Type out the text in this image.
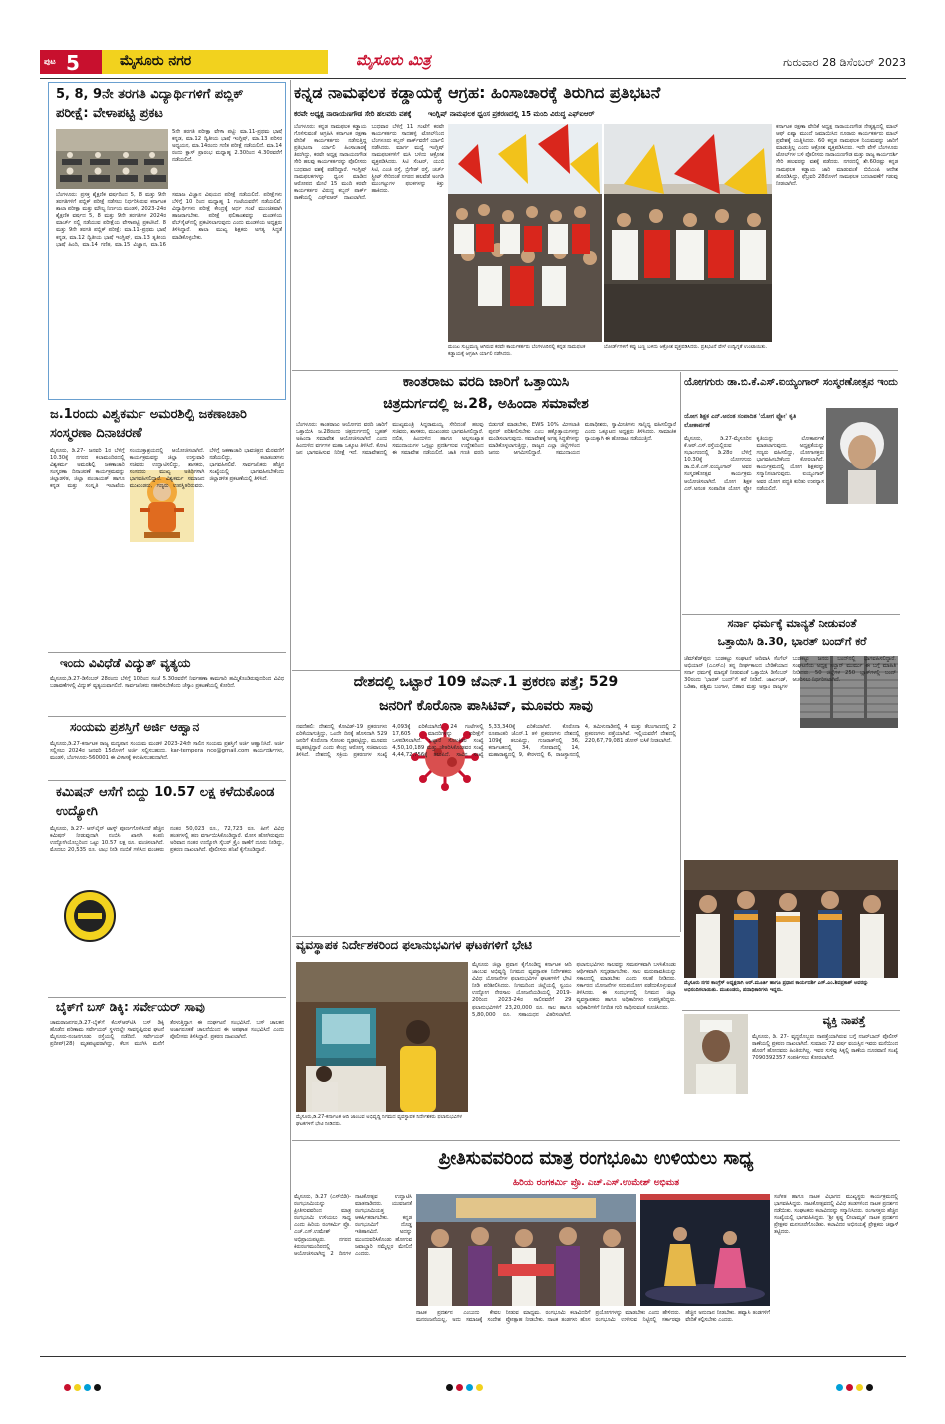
ಪುಟ 5	ಮೈಸೂರು ನಗರ	ಮೈಸೂರು ಮಿತ್ರ	ಗುರುವಾರ 28 ಡಿಸೆಂಬರ್ 2023
5, 8, 9ನೇ ತರಗತಿ ವಿದ್ಯಾರ್ಥಿಗಳಿಗೆ ಪಬ್ಲಿಕ್ ಪರೀಕ್ಷೆ: ವೇಳಾಪಟ್ಟಿ ಪ್ರಕಟ
5ನೇ ತರಗತಿ ಪರೀಕ್ಷಾ ವೇಳಾ ಪಟ್ಟಿ: ಮಾ.11-ಪ್ರಥಮ ಭಾಷೆ ಕನ್ನಡ, ಮಾ.12 ದ್ವಿತೀಯ ಭಾಷೆ ಇಂಗ್ಲಿಷ್, ಮಾ.13 ಪರಿಸರ ಅಧ್ಯಯನ, ಮಾ.14ರಂದು ಗಣಿತ ಪರೀಕ್ಷೆ ನಡೆಯಲಿದೆ. ಮಾ.14 ರಂದು ಕ್ಲಾಸ್ ಪ್ರಾರಂಭ ಮಧ್ಯಾಹ್ನ 2.30ರಿಂದ 4.30ರವರೆಗೆ ನಡೆಯಲಿದೆ.
ಬೆಂಗಳೂರು: ಪ್ರಸಕ್ತ ಶೈಕ್ಷಣಿಕ ವರ್ಷದಿಂದ 5, 8 ಮತ್ತು 9ನೇ ತರಗತಿಗಳಿಗೆ ಪಬ್ಲಿಕ್ ಪರೀಕ್ಷೆ ನಡೆಸಲು ನಿರ್ಧರಿಸಿರುವ ಕರ್ನಾಟಕ ಶಾಲಾ ಪರೀಕ್ಷಾ ಮತ್ತು ಮೌಲ್ಯ ನಿರ್ಣಯ ಮಂಡಳಿ, 2023-24ರ ಶೈಕ್ಷಣಿಕ ವರ್ಷದ 5, 8 ಮತ್ತು 9ನೇ ತರಗತಿಗಳ 2024ರ ಮಾರ್ಚ್ ನಲ್ಲಿ ನಡೆಯುವ ಪರೀಕ್ಷೆಯ ವೇಳಾಪಟ್ಟಿ ಪ್ರಕಟಿಸಿದೆ. 8 ಮತ್ತು 9ನೇ ತರಗತಿ ಪಬ್ಲಿಕ್ ಪರೀಕ್ಷೆ: ಮಾ.11-ಪ್ರಥಮ ಭಾಷೆ ಕನ್ನಡ, ಮಾ.12 ದ್ವಿತೀಯ ಭಾಷೆ ಇಂಗ್ಲಿಷ್, ಮಾ.13 ತೃತೀಯ ಭಾಷೆ ಹಿಂದಿ, ಮಾ.14 ಗಣಿತ, ಮಾ.15 ವಿಜ್ಞಾನ, ಮಾ.16 ಸಮಾಜ ವಿಜ್ಞಾನ ವಿಷಯದ ಪರೀಕ್ಷೆ ನಡೆಯಲಿದೆ. ಪರೀಕ್ಷೆಗಳು ಬೆಳಿಗ್ಗೆ 10 ರಿಂದ ಮಧ್ಯಾಹ್ನ 1 ಗಂಟೆಯವರೆಗೆ ನಡೆಯಲಿವೆ. ವಿದ್ಯಾರ್ಥಿಗಳು ಪರೀಕ್ಷೆ ಕೇಂದ್ರಕ್ಕೆ ಅರ್ಧ ಗಂಟೆ ಮುಂಚಿತವಾಗಿ ಹಾಜರಾಗಬೇಕು. ಪರೀಕ್ಷೆ ಫಲಿತಾಂಶವನ್ನು ಮಂಡಳಿಯ ವೆಬ್‌ಸೈಟ್‌ನಲ್ಲಿ ಪ್ರಕಟಿಸಲಾಗುವುದು ಎಂದು ಮಂಡಳಿಯ ಅಧ್ಯಕ್ಷರು ತಿಳಿಸಿದ್ದಾರೆ. ಶಾಲಾ ಮುಖ್ಯ ಶಿಕ್ಷಕರು ಅಗತ್ಯ ಸಿದ್ಧತೆ ಮಾಡಿಕೊಳ್ಳಬೇಕು.
ಜ.1ರಂದು ವಿಶ್ವಕರ್ಮ ಅಮರಶಿಲ್ಪಿ ಜಕಣಾಚಾರಿ ಸಂಸ್ಮರಣಾ ದಿನಾಚರಣೆ
ಮೈಸೂರು, ಡಿ.27- ಜನವರಿ 1ರ ಬೆಳಿಗ್ಗೆ 10.30ಕ್ಕೆ ನಗರದ ಕಲಾಮಂದಿರದಲ್ಲಿ ವಿಶ್ವಕರ್ಮ ಅಮರಶಿಲ್ಪಿ ಜಕಣಾಚಾರಿ ಸಂಸ್ಮರಣಾ ದಿನಾಚರಣೆ ಕಾರ್ಯಕ್ರಮವನ್ನು ಜಿಲ್ಲಾಡಳಿತ, ಜಿಲ್ಲಾ ಪಂಚಾಯತ್ ಹಾಗೂ ಕನ್ನಡ ಮತ್ತು ಸಂಸ್ಕೃತಿ ಇಲಾಖೆಯ ಸಂಯುಕ್ತಾಶ್ರಯದಲ್ಲಿ ಆಯೋಜಿಸಲಾಗಿದೆ. ಕಾರ್ಯಕ್ರಮವನ್ನು ಜಿಲ್ಲಾ ಉಸ್ತುವಾರಿ ಸಚಿವರು ಉದ್ಘಾಟಿಸಲಿದ್ದು, ಶಾಸಕರು, ಸಂಸದರು ಮುಖ್ಯ ಅತಿಥಿಗಳಾಗಿ ಭಾಗವಹಿಸಲಿದ್ದಾರೆ. ವಿಶ್ವಕರ್ಮ ಸಮಾಜದ ಮುಖಂಡರು, ಗಣ್ಯರು ಉಪಸ್ಥಿತರಿರುವರು. ಬೆಳಿಗ್ಗೆ ಜಕಣಾಚಾರಿ ಭಾವಚಿತ್ರದ ಮೆರವಣಿಗೆ ನಡೆಯಲಿದ್ದು, ಕಲಾತಂಡಗಳು ಭಾಗವಹಿಸಲಿವೆ. ಸಾರ್ವಜನಿಕರು ಹೆಚ್ಚಿನ ಸಂಖ್ಯೆಯಲ್ಲಿ ಭಾಗವಹಿಸಬೇಕೆಂದು ಜಿಲ್ಲಾಡಳಿತ ಪ್ರಕಟಣೆಯಲ್ಲಿ ತಿಳಿಸಿದೆ.
ಇಂದು ವಿವಿಧೆಡೆ ವಿದ್ಯುತ್ ವ್ಯತ್ಯಯ
ಮೈಸೂರು,ಡಿ.27-ಡಿಸೆಂಬರ್ 28ರಂದು ಬೆಳಿಗ್ಗೆ 10ರಿಂದ ಸಂಜೆ 5.30ರವರೆಗೆ ನಿರ್ವಹಣಾ ಕಾಮಗಾರಿ ಹಮ್ಮಿಕೊಂಡಿರುವುದರಿಂದ ವಿವಿಧ ಬಡಾವಣೆಗಳಲ್ಲಿ ವಿದ್ಯುತ್ ವ್ಯತ್ಯಯವಾಗಲಿದೆ. ಸಾರ್ವಜನಿಕರು ಸಹಕರಿಸಬೇಕೆಂದು ಚೆಸ್ಕಾಂ ಪ್ರಕಟಣೆಯಲ್ಲಿ ಕೋರಿದೆ.
ಸಂಯಮ ಪ್ರಶಸ್ತಿಗೆ ಅರ್ಜಿ ಆಹ್ವಾನ
ಮೈಸೂರು,ಡಿ.27-ಕರ್ನಾಟಕ ರಾಜ್ಯ ಮದ್ಯಪಾನ ಸಂಯಮ ಮಂಡಳಿ 2023-24ನೇ ಸಾಲಿನ ಸಂಯಮ ಪ್ರಶಸ್ತಿಗೆ ಅರ್ಜಿ ಆಹ್ವಾನಿಸಿದೆ. ಅರ್ಜಿ ಸಲ್ಲಿಸಲು 2024ರ ಜನವರಿ 15ರೊಳಗೆ ಅರ್ಜಿ ಸಲ್ಲಿಸಬಹುದು. kar-tempera nce@gmail.com ಕಾರ್ಯದರ್ಶಿಗಳು, ಮಂಡಳಿ, ಬೆಂಗಳೂರು-560001 ಈ ವಿಳಾಸಕ್ಕೆ ಕಳುಹಿಸಬಹುದಾಗಿದೆ.
ಕಮಿಷನ್ ಆಸೆಗೆ ಬಿದ್ದು 10.57 ಲಕ್ಷ ಕಳೆದುಕೊಂಡ ಉದ್ಯೋಗಿ
ಮೈಸೂರು, ಡಿ.27- ಆನ್‌ಲೈನ್ ಟಾಸ್ಕ್ ಪೂರ್ಣಗೊಳಿಸಿದರೆ ಹೆಚ್ಚಿನ ಕಮಿಷನ್ ನೀಡುವುದಾಗಿ ನಂಬಿಸಿ ಖಾಸಗಿ ಕಂಪನಿ ಉದ್ಯೋಗಿಯೊಬ್ಬರಿಂದ ಒಟ್ಟು 10.57 ಲಕ್ಷ ರೂ. ವಂಚಿಸಲಾಗಿದೆ. ಮೊದಲು 20,535 ರೂ. ಲಾಭ ನೀಡಿ ನಂಬಿಕೆ ಗಳಿಸಿದ ವಂಚಕರು ನಂತರ 50,023 ರೂ., 72,723 ರೂ. ಹೀಗೆ ವಿವಿಧ ಹಂತಗಳಲ್ಲಿ ಹಣ ವರ್ಗಾಯಿಸಿಕೊಂಡಿದ್ದಾರೆ. ಮೋಸ ಹೋಗಿರುವುದು ಅರಿವಾದ ನಂತರ ಉದ್ಯೋಗಿ ಸೈಬರ್ ಕ್ರೈಂ ಠಾಣೆಗೆ ದೂರು ನೀಡಿದ್ದು, ಪ್ರಕರಣ ದಾಖಲಾಗಿದೆ. ಪೊಲೀಸರು ತನಿಖೆ ಕೈಗೊಂಡಿದ್ದಾರೆ.
ಬೈಕ್‌ಗೆ ಬಸ್ ಡಿಕ್ಕಿ: ಸರ್ವೇಯರ್ ಸಾವು
ಚಾಮರಾಜನಗರ,ಡಿ.27-ಬೈಕ್‌ಗೆ ಕೆಎಸ್‌ಆರ್‌ಟಿಸಿ ಬಸ್ ಡಿಕ್ಕಿ ಹೊಡೆದ ಪರಿಣಾಮ ಸರ್ವೇಯರ್ ಸ್ಥಳದಲ್ಲೇ ಸಾವನ್ನಪ್ಪಿರುವ ಘಟನೆ ಮೈಸೂರು-ನಂಜನಗೂಡು ರಸ್ತೆಯಲ್ಲಿ ನಡೆದಿದೆ. ಸರ್ವೇಯರ್ ಪ್ರದೀಪ್(28) ಮೃತಪಟ್ಟವರಾಗಿದ್ದು, ಕೆಲಸ ಮುಗಿಸಿ ಮನೆಗೆ ತೆರಳುತ್ತಿದ್ದಾಗ ಈ ದುರ್ಘಟನೆ ಸಂಭವಿಸಿದೆ. ಬಸ್ ಚಾಲಕನ ಅಜಾಗರೂಕತೆ ಚಾಲನೆಯಿಂದ ಈ ಅಪಘಾತ ಸಂಭವಿಸಿದೆ ಎಂದು ಪೊಲೀಸರು ತಿಳಿಸಿದ್ದಾರೆ. ಪ್ರಕರಣ ದಾಖಲಾಗಿದೆ.
ಕನ್ನಡ ನಾಮಫಲಕ ಕಡ್ಡಾಯಕ್ಕೆ ಆಗ್ರಹ: ಹಿಂಸಾಚಾರಕ್ಕೆ ತಿರುಗಿದ ಪ್ರತಿಭಟನೆ
ಕರವೇ ಅಧ್ಯಕ್ಷ ನಾರಾಯಣಗೌಡ ಸೇರಿ ಹಲವರು ವಶಕ್ಕೆ ಇಂಗ್ಲಿಷ್ ನಾಮಫಲಕ ಧ್ವಂಸ ಪ್ರಕರಣದಲ್ಲಿ 15 ಮಂದಿ ವಿರುದ್ಧ ಎಫ್‌ಐಆರ್
ಬೆಂಗಳೂರು: ಕನ್ನಡ ನಾಮಫಲಕ ಕಡ್ಡಾಯ ಗೊಳಿಸುವಂತೆ ಆಗ್ರಹಿಸಿ ಕರ್ನಾಟಕ ರಕ್ಷಣಾ ವೇದಿಕೆ ಕಾರ್ಯಕರ್ತರು ನಡೆಸುತ್ತಿದ್ದ ಪ್ರತಿಭಟನಾ ರ್ಯಾಲಿ ಹಿಂಸಾಚಾರಕ್ಕೆ ತಿರುಗಿದ್ದು, ಕರವೇ ಅಧ್ಯಕ್ಷ ನಾರಾಯಣಗೌಡ ಸೇರಿ ಹಲವು ಕಾರ್ಯಕರ್ತರನ್ನು ಪೊಲೀಸರು ಬುಧವಾರ ವಶಕ್ಕೆ ಪಡೆದಿದ್ದಾರೆ. ಇಂಗ್ಲಿಷ್ ನಾಮಫಲಕಗಳನ್ನು ಧ್ವಂಸ ಮಾಡಿದ ಆರೋಪದ ಮೇಲೆ 15 ಮಂದಿ ಕರವೇ ಕಾರ್ಯಕರ್ತರ ವಿರುದ್ಧ ಕಬ್ಬನ್ ಪಾರ್ಕ್ ಠಾಣೆಯಲ್ಲಿ ಎಫ್‌ಐಆರ್ ದಾಖಲಾಗಿದೆ. ಬುಧವಾರ ಬೆಳಿಗ್ಗೆ 11 ಗಂಟೆಗೆ ಕರವೇ ಕಾರ್ಯಕರ್ತರು ಸಾದಹಳ್ಳಿ ಟೋಲ್‌ನಿಂದ ಬೆಂಗಳೂರು ಕಬ್ಬನ್ ಪಾರ್ಕ್‌ವರೆಗೆ ರ್ಯಾಲಿ ನಡೆಸಿದರು. ಮಾರ್ಗ ಮಧ್ಯೆ ಇಂಗ್ಲಿಷ್ ನಾಮಫಲಕಗಳಿಗೆ ಮಸಿ ಬಳಿದು ಆಕ್ರೋಶ ವ್ಯಕ್ತಪಡಿಸಿದರು. ಸಿಟಿ ಸೆಂಟರ್, ಯುಬಿ ಸಿಟಿ, ಎಂಜಿ ರಸ್ತೆ, ಬ್ರಿಗೇಡ್ ರಸ್ತೆ, ಚರ್ಚ್ ಸ್ಟ್ರೀಟ್ ಸೇರಿದಂತೆ ನಗರದ ಹಲವೆಡೆ ಅಂಗಡಿ ಮುಂಗಟ್ಟುಗಳ ಫಲಕಗಳನ್ನು ಕಿತ್ತು ಹಾಕಿದರು.
ಮಂಜು ಸುಬ್ರಮಣ್ಯ ಆಗಿರುವ ಕರವೇ ಕಾರ್ಯಕರ್ತರು ಬೆಂಗಳೂರಿನಲ್ಲಿ ಕನ್ನಡ ನಾಮಫಲಕ ಕಡ್ಡಾಯಕ್ಕೆ ಆಗ್ರಹಿಸಿ ರ್ಯಾಲಿ ನಡೆಸಿದರು.
ಬೋರ್ಡ್‌ಗಳಿಗೆ ಕಪ್ಪು ಬಣ್ಣ ಬಳಿದು ಆಕ್ರೋಶ ವ್ಯಕ್ತಪಡಿಸಿದರು. ಪ್ರತಿಭಟನೆ ವೇಳೆ ಉದ್ವಿಗ್ನತೆ ಉಂಟಾಯಿತು.
ಕರ್ನಾಟಕ ರಕ್ಷಣಾ ವೇದಿಕೆ ಅಧ್ಯಕ್ಷ ನಾರಾಯಣಗೌಡ ನೇತೃತ್ವದಲ್ಲಿ ಮಾಲ್ ಆಫ್ ಏಷ್ಯಾ ಮುಂದೆ ಜಮಾಯಿಸಿದ ನೂರಾರು ಕಾರ್ಯಕರ್ತರು ಮಾಲ್ ಪ್ರವೇಶಕ್ಕೆ ಯತ್ನಿಸಿದರು. 60 ಕನ್ನಡ ನಾಮಫಲಕ ನಿಯಮವನ್ನು ಜಾರಿಗೆ ಮಾಡುತ್ತಿಲ್ಲ ಎಂದು ಆಕ್ರೋಶ ವ್ಯಕ್ತಪಡಿಸಿದರು. ಇದೇ ವೇಳೆ ಬೆಂಗಳೂರು ಟೋಲ್‌ಗಳ ಬಳಿ ಪೊಲೀಸರು ನಾರಾಯಣಗೌಡ ಮತ್ತು ರಾಜ್ಯ ಕಾರ್ಯದರ್ಶಿ ಸೇರಿ ಹಲವರನ್ನು ವಶಕ್ಕೆ ಪಡೆದರು. ನಗರದಲ್ಲಿ ಶೇ.60ರಷ್ಟು ಕನ್ನಡ ನಾಮಫಲಕ ಕಡ್ಡಾಯ ಜಾರಿ ಮಾಡುವಂತೆ ಬಿಬಿಎಂಪಿ ಆದೇಶ ಹೊರಡಿಸಿದ್ದು, ಫೆಬ್ರವರಿ 28ರೊಳಗೆ ನಾಮಫಲಕ ಬದಲಾವಣೆಗೆ ಗಡುವು ನೀಡಲಾಗಿದೆ.
ಕಾಂತರಾಜು ವರದಿ ಜಾರಿಗೆ ಒತ್ತಾಯಿಸಿ
ಚಿತ್ರದುರ್ಗದಲ್ಲಿ ಜ.28, ಅಹಿಂದಾ ಸಮಾವೇಶ
ಬೆಂಗಳೂರು: ಕಾಂತರಾಜು ಆಯೋಗದ ವರದಿ ಜಾರಿಗೆ ಒತ್ತಾಯಿಸಿ ಜ.28ರಂದು ಚಿತ್ರದುರ್ಗದಲ್ಲಿ ಬೃಹತ್ ಅಹಿಂದಾ ಸಮಾವೇಶ ಆಯೋಜಿಸಲಾಗಿದೆ ಎಂದು ಹಿಂದುಳಿದ ವರ್ಗಗಳ ಮಹಾ ಒಕ್ಕೂಟ ತಿಳಿಸಿದೆ. ಕೋಟಿ ಜನ ಭಾಗವಹಿಸುವ ನಿರೀಕ್ಷೆ ಇದೆ. ಸಮಾವೇಶದಲ್ಲಿ ಮುಖ್ಯಮಂತ್ರಿ ಸಿದ್ದರಾಮಯ್ಯ ಸೇರಿದಂತೆ ಹಲವು ಸಚಿವರು, ಶಾಸಕರು, ಮುಖಂಡರು ಭಾಗವಹಿಸಲಿದ್ದಾರೆ. ದಲಿತ, ಹಿಂದುಳಿದ ಹಾಗೂ ಅಲ್ಪಸಂಖ್ಯಾತ ಸಮುದಾಯಗಳ ಒಗ್ಗಟ್ಟು ಪ್ರದರ್ಶಿಸುವ ಉದ್ದೇಶದಿಂದ ಈ ಸಮಾವೇಶ ನಡೆಯಲಿದೆ. ಜಾತಿ ಗಣತಿ ವರದಿ ಬಿಡುಗಡೆ ಮಾಡಬೇಕು, EWS 10% ಮೀಸಲಾತಿ ಪುನರ್ ಪರಿಶೀಲಿಸಬೇಕು ಎಂಬ ಹಕ್ಕೊತ್ತಾಯಗಳನ್ನು ಮಂಡಿಸಲಾಗುವುದು. ಸಮಾವೇಶಕ್ಕೆ ಅಗತ್ಯ ಸಿದ್ಧತೆಗಳನ್ನು ಮಾಡಿಕೊಳ್ಳಲಾಗುತ್ತಿದ್ದು, ರಾಜ್ಯದ ಎಲ್ಲಾ ಜಿಲ್ಲೆಗಳಿಂದ ಜನರು ಆಗಮಿಸಲಿದ್ದಾರೆ. ಸಮುದಾಯದ ಮಠಾಧೀಶರು, ಸ್ವಾಮೀಜಿಗಳು ಸಾನ್ನಿಧ್ಯ ವಹಿಸಲಿದ್ದಾರೆ ಎಂದು ಒಕ್ಕೂಟದ ಅಧ್ಯಕ್ಷರು ತಿಳಿಸಿದರು. ಸಾಮಾಜಿಕ ನ್ಯಾಯಕ್ಕಾಗಿ ಈ ಹೋರಾಟ ನಡೆಯುತ್ತಿದೆ.
ದೇಶದಲ್ಲಿ ಒಟ್ಟಾರೆ 109 ಜೆಎನ್.1 ಪ್ರಕರಣ ಪತ್ತೆ; 529
ಜನರಿಗೆ ಕೊರೊನಾ ಪಾಸಿಟಿವ್, ಮೂವರು ಸಾವು
ನವದೆಹಲಿ: ದೇಶದಲ್ಲಿ ಕೋವಿಡ್-19 ಪ್ರಕರಣಗಳು ಏರಿಕೆಯಾಗುತ್ತಿದ್ದು, ಒಂದೇ ದಿನಕ್ಕೆ ಹೊಸದಾಗಿ 529 ಜನರಿಗೆ ಕೊರೊನಾ ಸೋಂಕು ದೃಢಪಟ್ಟಿದ್ದು, ಮೂವರು ಮೃತಪಟ್ಟಿದ್ದಾರೆ ಎಂದು ಕೇಂದ್ರ ಆರೋಗ್ಯ ಸಚಿವಾಲಯ ತಿಳಿಸಿದೆ. ದೇಶದಲ್ಲಿ ಸಕ್ರಿಯ ಪ್ರಕರಣಗಳ ಸಂಖ್ಯೆ 4,093ಕ್ಕೆ ಏರಿಕೆಯಾಗಿದೆ. 24 ಗಂಟೆಗಳಲ್ಲಿ 17,605 ಮಾದರಿಗಳನ್ನು ಪರೀಕ್ಷೆಗೆ ಒಳಪಡಿಸಲಾಗಿದೆ. ಒಟ್ಟಾರೆ ಸೋಂಕಿತರ ಸಂಖ್ಯೆ 4,50,10,189 ಮತ್ತು ಚೇತರಿಸಿಕೊಂಡವರ ಸಂಖ್ಯೆ 4,44,72,756ಕ್ಕೆ ತಲುಪಿದೆ. ಸಾವಿನ ಸಂಖ್ಯೆ 5,33,340ಕ್ಕೆ ಏರಿಕೆಯಾಗಿದೆ. ಕೊರೊನಾ ರೂಪಾಂತರಿ ಜೆಎನ್.1 ತಳಿ ಪ್ರಕರಣಗಳು ದೇಶದಲ್ಲಿ 109ಕ್ಕೆ ತಲುಪಿದ್ದು, ಗುಜರಾತ್‌ನಲ್ಲಿ 36, ಕರ್ನಾಟಕದಲ್ಲಿ 34, ಗೋವಾದಲ್ಲಿ 14, ಮಹಾರಾಷ್ಟ್ರದಲ್ಲಿ 9, ಕೇರಳದಲ್ಲಿ 6, ರಾಜಸ್ಥಾನದಲ್ಲಿ 4, ತಮಿಳುನಾಡಿನಲ್ಲಿ 4 ಮತ್ತು ತೆಲಂಗಾಣದಲ್ಲಿ 2 ಪ್ರಕರಣಗಳು ಪತ್ತೆಯಾಗಿವೆ. ಇಲ್ಲಿಯವರೆಗೆ ದೇಶದಲ್ಲಿ 220,67,79,081 ಡೋಸ್ ಲಸಿಕೆ ನೀಡಲಾಗಿದೆ.
ವ್ಯವಸ್ಥಾಪಕ ನಿರ್ದೇಶಕರಿಂದ ಫಲಾನುಭವಿಗಳ ಘಟಕಗಳಿಗೆ ಭೇಟಿ
ಮೈಸೂರು,ಡಿ.27-ಕರ್ನಾಟಕ ಆದಿ ಜಾಂಬವ ಅಭಿವೃದ್ಧಿ ನಿಗಮದ ವ್ಯವಸ್ಥಾಪಕ ನಿರ್ದೇಶಕರು ಫಲಾನುಭವಿಗಳ ಘಟಕಗಳಿಗೆ ಭೇಟಿ ನೀಡಿದರು.
ಮೈಸೂರು ಜಿಲ್ಲಾ ಪ್ರವಾಸ ಕೈಗೊಂಡಿದ್ದ ಕರ್ನಾಟಕ ಆದಿ ಜಾಂಬವ ಅಭಿವೃದ್ಧಿ ನಿಗಮದ ವ್ಯವಸ್ಥಾಪಕ ನಿರ್ದೇಶಕರು ವಿವಿಧ ಯೋಜನೆಗಳ ಫಲಾನುಭವಿಗಳ ಘಟಕಗಳಿಗೆ ಭೇಟಿ ನೀಡಿ ಪರಿಶೀಲಿಸಿದರು. ನಿಗಮದಿಂದ ಜಿಲ್ಲೆಯಲ್ಲಿ ಸ್ವಯಂ ಉದ್ಯೋಗ ನೇರಸಾಲ ಯೋಜನೆಯಡಿಯಲ್ಲಿ 2019-20ರಿಂದ 2023-24ರ ಸಾಲಿನವರೆಗೆ 29 ಫಲಾನುಭವಿಗಳಿಗೆ 23,20,000 ರೂ. ಸಾಲ ಹಾಗೂ 5,80,000 ರೂ. ಸಹಾಯಧನ ವಿತರಿಸಲಾಗಿದೆ. ಫಲಾನುಭವಿಗಳು ಸಾಲವನ್ನು ಸಮರ್ಪಕವಾಗಿ ಬಳಸಿಕೊಂಡು ಆರ್ಥಿಕವಾಗಿ ಸದೃಢರಾಗಬೇಕು. ಸಾಲ ಮರುಪಾವತಿಯನ್ನು ಸಕಾಲದಲ್ಲಿ ಮಾಡಬೇಕು ಎಂದು ಸಲಹೆ ನೀಡಿದರು. ಸರ್ಕಾರದ ಯೋಜನೆಗಳ ಸದುಪಯೋಗ ಪಡೆದುಕೊಳ್ಳುವಂತೆ ತಿಳಿಸಿದರು. ಈ ಸಂದರ್ಭದಲ್ಲಿ ನಿಗಮದ ಜಿಲ್ಲಾ ವ್ಯವಸ್ಥಾಪಕರು ಹಾಗೂ ಅಧಿಕಾರಿಗಳು ಉಪಸ್ಥಿತರಿದ್ದರು. ಅಧಿಕಾರಿಗಳಿಗೆ ನಿಗದಿತ ಗುರಿ ಸಾಧಿಸುವಂತೆ ಸೂಚಿಸಿದರು.
ಯೋಗಗುರು ಡಾ.ಬಿ.ಕೆ.ಎಸ್.ಐಯ್ಯಂಗಾರ್ ಸಂಸ್ಮರಣೋತ್ಸವ ಇಂದು
ಯೋಗ ಶಿಕ್ಷಕ ಎನ್.ಅನಂತ ಸಂಪಾದಿತ 'ಯೋಗ ಫ್ಲೋ' ಕೃತಿ ಲೋಕಾರ್ಪಣೆ
ಮೈಸೂರು, ಡಿ.27-ಮೈಸೂರಿನ ಕೆ.ಆರ್.ಎಸ್.ರಸ್ತೆಯಲ್ಲಿರುವ ಸಭಾಂಗಣದಲ್ಲಿ ಡಿ.28ರ ಬೆಳಿಗ್ಗೆ 10.30ಕ್ಕೆ ಯೋಗಗುರು ಡಾ.ಬಿ.ಕೆ.ಎಸ್.ಐಯ್ಯಂಗಾರ್ ಅವರ ಸಂಸ್ಮರಣೋತ್ಸವ ಕಾರ್ಯಕ್ರಮ ಆಯೋಜಿಸಲಾಗಿದೆ. ಯೋಗ ಶಿಕ್ಷಕ ಎನ್.ಅನಂತ ಸಂಪಾದಿತ ಯೋಗ ಫ್ಲೋ ಕೃತಿಯನ್ನು ಲೋಕಾರ್ಪಣೆ ಮಾಡಲಾಗುವುದು. ಅಧ್ಯಕ್ಷತೆಯನ್ನು ಗಣ್ಯರು ವಹಿಸಲಿದ್ದು, ಯೋಗಾಸಕ್ತರು ಭಾಗವಹಿಸಬೇಕೆಂದು ಕೋರಲಾಗಿದೆ. ಕಾರ್ಯಕ್ರಮದಲ್ಲಿ ಯೋಗ ಶಿಕ್ಷಕರನ್ನು ಸನ್ಮಾನಿಸಲಾಗುವುದು. ಐಯ್ಯಂಗಾರ್ ಅವರ ಯೋಗ ಪದ್ಧತಿ ಕುರಿತು ಉಪನ್ಯಾಸ ನಡೆಯಲಿದೆ.
ಸರ್ನಾ ಧರ್ಮಕ್ಕೆ ಮಾನ್ಯತೆ ನೀಡುವಂತೆ
ಒತ್ತಾಯಿಸಿ ಡಿ.30, ಭಾರತ್ ಬಂದ್‌ಗೆ ಕರೆ
ಜೆಮ್‌ಶೆಡ್‌ಪುರ: ಬುಡಕಟ್ಟು ಸಂಘಟನೆ ಆದಿವಾಸಿ ಸೆಂಗೆಲ್ ಅಭಿಯಾನ್ (ಎಎಸ್‌ಎ) ತನ್ನ ದೀರ್ಘಕಾಲದ ಬೇಡಿಕೆಯಾದ ಸರ್ನಾ ಧರ್ಮಕ್ಕೆ ಮಾನ್ಯತೆ ನೀಡುವಂತೆ ಒತ್ತಾಯಿಸಿ ಡಿಸೆಂಬರ್ 30ರಂದು 'ಭಾರತ್ ಬಂದ್'ಗೆ ಕರೆ ನೀಡಿದೆ. ಜಾರ್ಖಂಡ್, ಒಡಿಶಾ, ಪಶ್ಚಿಮ ಬಂಗಾಳ, ಬಿಹಾರ ಮತ್ತು ಅಸ್ಸಾಂ ರಾಜ್ಯಗಳ ಬುಡಕಟ್ಟು ಜನರು ಬಂದ್‌ನಲ್ಲಿ ಭಾಗವಹಿಸಲಿದ್ದಾರೆ. ಸಂಘಟನೆಯ ಅಧ್ಯಕ್ಷ ಸಲ್ಖಾನ್ ಮುರ್ಮು ಈ ಬಗ್ಗೆ ಮಾಹಿತಿ ನೀಡಿದರು. 50 ಜಿಲ್ಲೆಗಳ 250 ಬ್ಲಾಕ್‌ಗಳಲ್ಲಿ ಬಂದ್ ಆಚರಿಸಲು ನಿರ್ಧರಿಸಲಾಗಿದೆ.
ಮೈಸೂರು ನಗರ ಕಾಂಗ್ರೆಸ್ ಅಧ್ಯಕ್ಷರಾಗಿ ಆರ್.ಮೂರ್ತಿ ಹಾಗೂ ಪ್ರಧಾನ ಕಾರ್ಯದರ್ಶಿ ಎಸ್.ಎಂ.ಶಿವಪ್ರಕಾಶ್ ಅವರನ್ನು ಅಭಿನಂದಿಸಲಾಯಿತು. ಮುಖಂಡರು, ಪದಾಧಿಕಾರಿಗಳು ಇದ್ದರು.
ವ್ಯಕ್ತಿ ನಾಪತ್ತೆ
ಮೈಸೂರು, ಡಿ. 27- ವೃದ್ಧರೊಬ್ಬರು ನಾಪತ್ತೆಯಾಗಿರುವ ಬಗ್ಗೆ ನಜರ್‌ಬಾದ್ ಪೊಲೀಸ್ ಠಾಣೆಯಲ್ಲಿ ಪ್ರಕರಣ ದಾಖಲಾಗಿದೆ. ಸುಮಾರು 72 ವರ್ಷ ವಯಸ್ಸಿನ ಇವರು ಮನೆಯಿಂದ ಹೊರಗೆ ಹೋದವರು ಹಿಂತಿರುಗಿಲ್ಲ. ಇವರ ಸುಳಿವು ಸಿಕ್ಕಲ್ಲಿ ಠಾಣೆಯ ದೂರವಾಣಿ ಸಂಖ್ಯೆ 7090392357 ಸಂಪರ್ಕಿಸಲು ಕೋರಲಾಗಿದೆ.
ಪ್ರೀತಿಸುವವರಿಂದ ಮಾತ್ರ ರಂಗಭೂಮಿ ಉಳಿಯಲು ಸಾಧ್ಯ
ಹಿರಿಯ ರಂಗಕರ್ಮಿ ಪ್ರೊ. ಎಚ್.ಎಸ್.ಉಮೇಶ್ ಅಭಿಮತ
ಮೈಸೂರು, ಡಿ.27 (ಎಸ್‌ಬಿಡಿ)- ರಂಗಭೂಮಿಯನ್ನು ಪ್ರೀತಿಸುವವರಿಂದ ಮಾತ್ರ ರಂಗಭೂಮಿ ಉಳಿಯಲು ಸಾಧ್ಯ ಎಂದು ಹಿರಿಯ ರಂಗಕರ್ಮಿ ಪ್ರೊ. ಎಚ್.ಎಸ್.ಉಮೇಶ್ ಅಭಿಪ್ರಾಯಪಟ್ಟರು. ನಗರದ ಕಿರುರಂಗಮಂದಿರದಲ್ಲಿ ಆಯೋಜಿಸಲಾಗಿದ್ದ 2 ದಿನಗಳ ನಾಟಕೋತ್ಸವ ಉದ್ಘಾಟಿಸಿ ಮಾತನಾಡಿದರು. ಯುವಜನತೆ ರಂಗಭೂಮಿಯತ್ತ ಆಕರ್ಷಿತರಾಗಬೇಕು. ಕನ್ನಡ ರಂಗಭೂಮಿಗೆ ದೊಡ್ಡ ಇತಿಹಾಸವಿದೆ. ಅದನ್ನು ಮುಂದುವರಿಸಿಕೊಂಡು ಹೋಗುವ ಜವಾಬ್ದಾರಿ ನಮ್ಮೆಲ್ಲರ ಮೇಲಿದೆ ಎಂದರು.
ನಾಟಕ ಪ್ರದರ್ಶನ ಎಂಬುದು ಕೇವಲ ಮನರಂಜನೆಯಲ್ಲ, ಅದು ಸಮಾಜಕ್ಕೆ ಸಂದೇಶ ನೀಡುವ ಮಾಧ್ಯಮ. ರಂಗಭೂಮಿ ಕಲಾವಿದರಿಗೆ ಪ್ರೋತ್ಸಾಹ ನೀಡಬೇಕು. ನಾಟಕ ತಂಡಗಳು ಹೊಸ ಪ್ರಯೋಗಗಳನ್ನು ಮಾಡಬೇಕು ಎಂದು ಹೇಳಿದರು. ರಂಗಭೂಮಿ ಉಳಿಸುವ ನಿಟ್ಟಿನಲ್ಲಿ ಸರ್ಕಾರವೂ ಹೆಚ್ಚಿನ ಅನುದಾನ ನೀಡಬೇಕು. ಹವ್ಯಾಸಿ ತಂಡಗಳಿಗೆ ವೇದಿಕೆ ಕಲ್ಪಿಸಬೇಕು ಎಂದರು.
ಸಂಗೀತ ಹಾಗೂ ನಾಟಕ ವಿಭಾಗದ ಮುಖ್ಯಸ್ಥರು ಕಾರ್ಯಕ್ರಮದಲ್ಲಿ ಭಾಗವಹಿಸಿದ್ದರು. ನಾಟಕೋತ್ಸವದಲ್ಲಿ ವಿವಿಧ ತಂಡಗಳಿಂದ ನಾಟಕ ಪ್ರದರ್ಶನ ನಡೆಯಿತು. ಸಂಘಟಕರು ಕಲಾವಿದರನ್ನು ಸನ್ಮಾನಿಸಿದರು. ರಂಗಾಸಕ್ತರು ಹೆಚ್ಚಿನ ಸಂಖ್ಯೆಯಲ್ಲಿ ಭಾಗವಹಿಸಿದ್ದರು. 'ಶ್ರೀ ಕೃಷ್ಣ ಲೀಲಾಮೃತ' ನಾಟಕ ಪ್ರದರ್ಶನ ಪ್ರೇಕ್ಷಕರ ಮನಸೂರೆಗೊಂಡಿತು. ಕಲಾವಿದರ ಅಭಿನಯಕ್ಕೆ ಪ್ರೇಕ್ಷಕರು ಚಪ್ಪಾಳೆ ತಟ್ಟಿದರು.
